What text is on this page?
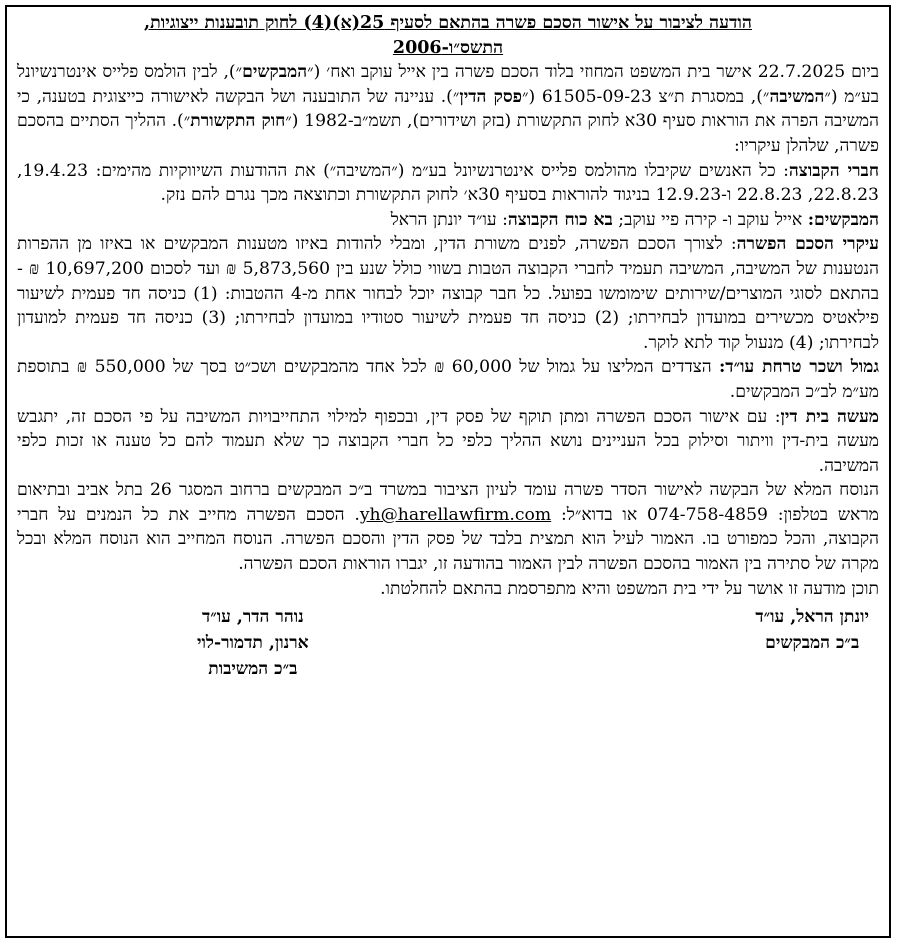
הודעה לציבור על אישור הסכם פשרה בהתאם לסעיף 25(א)(4) לחוק תובענות ייצוגיות,

התשס״ו-2006

ביום 22.7.2025 אישר בית המשפט המחוזי בלוד הסכם פשרה בין אייל עוקב ואח׳ (״המבקשים״), לבין הולמס פלייס אינטרנשיונל בע״מ (״המשיבה״), במסגרת ת״צ 61505-09-23 (״פסק הדין״). עניינה של התובענה ושל הבקשה לאישורה כייצוגית בטענה, כי המשיבה הפרה את הוראות סעיף 30א לחוק התקשורת (בזק ושידורים), תשמ״ב-1982 (״חוק התקשורת״). ההליך הסתיים בהסכם פשרה, שלהלן עיקריו:

חברי הקבוצה: כל האנשים שקיבלו מהולמס פלייס אינטרנשיונל בע״מ (״המשיבה״) את ההודעות השיווקיות מהימים: 19.4.23, 22.8.23, 22.8.23 ו-12.9.23 בניגוד להוראות בסעיף 30א׳ לחוק התקשורת וכתוצאה מכך נגרם להם נזק.

המבקשים: אייל עוקב ו- קירה פיי עוקב; בא כוח הקבוצה: עו״ד יונתן הראל

עיקרי הסכם הפשרה: לצורך הסכם הפשרה, לפנים משורת הדין, ומבלי להודות באיזו מטענות המבקשים או באיזו מן ההפרות הנטענות של המשיבה, המשיבה תעמיד לחברי הקבוצה הטבות בשווי כולל שנע בין 5,873,560 ₪ ועד לסכום 10,697,200 ₪ - בהתאם לסוגי המוצרים/שירותים שימומשו בפועל. כל חבר קבוצה יוכל לבחור אחת מ-4 ההטבות: (1) כניסה חד פעמית לשיעור פילאטיס מכשירים במועדון לבחירתו; (2) כניסה חד פעמית לשיעור סטודיו במועדון לבחירתו; (3) כניסה חד פעמית למועדון לבחירתו; (4) מנעול קוד לתא לוקר.

גמול ושכר טרחת עו״ד: הצדדים המליצו על גמול של 60,000 ₪ לכל אחד מהמבקשים ושכ״ט בסך של 550,000 ₪ בתוספת מע״מ לב״כ המבקשים.

מעשה בית דין: עם אישור הסכם הפשרה ומתן תוקף של פסק דין, ובכפוף למילוי התחייבויות המשיבה על פי הסכם זה, יתגבש מעשה בית-דין וויתור וסילוק בכל העניינים נושא ההליך כלפי כל חברי הקבוצה כך שלא תעמוד להם כל טענה או זכות כלפי המשיבה.

הנוסח המלא של הבקשה לאישור הסדר פשרה עומד לעיון הציבור במשרד ב״כ המבקשים ברחוב המסגר 26 בתל אביב ובתיאום מראש בטלפון: 074-758-4859 או בדוא״ל: yh@harellawfirm.com. הסכם הפשרה מחייב את כל הנמנים על חברי הקבוצה, והכל כמפורט בו. האמור לעיל הוא תמצית בלבד של פסק הדין והסכם הפשרה. הנוסח המחייב הוא הנוסח המלא ובכל מקרה של סתירה בין האמור בהסכם הפשרה לבין האמור בהודעה זו, יגברו הוראות הסכם הפשרה.

תוכן מודעה זו אושר על ידי בית המשפט והיא מתפרסמת בהתאם להחלטתו.

יונתן הראל, עו״ד
ב״כ המבקשים
נוהר הדר, עו״ד
ארנון, תדמור-לוי
ב״כ המשיבות
